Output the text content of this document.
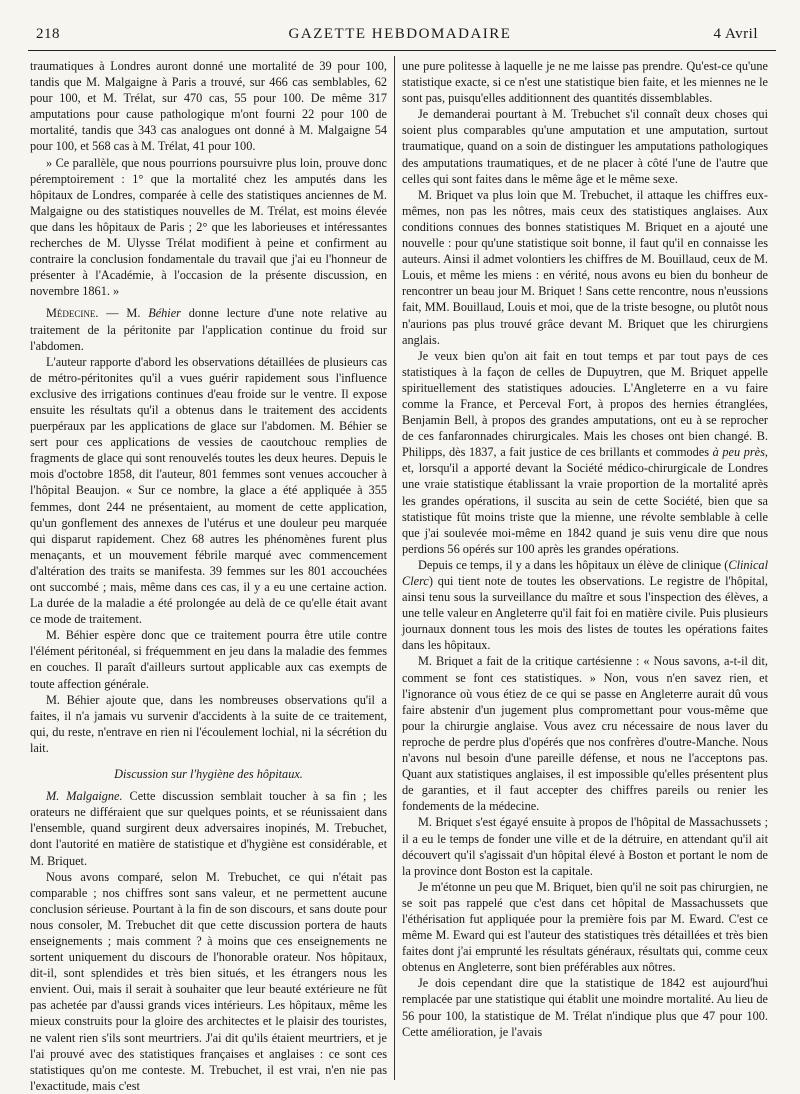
218	GAZETTE HEBDOMADAIRE	4 Avril

traumatiques à Londres auront donné une mortalité de 39 pour 100, tandis que M. Malgaigne à Paris a trouvé, sur 466 cas semblables, 62 pour 100, et M. Trélat, sur 470 cas, 55 pour 100. De même 317 amputations pour cause pathologique m'ont fourni 22 pour 100 de mortalité, tandis que 343 cas analogues ont donné à M. Malgaigne 54 pour 100, et 568 cas à M. Trélat, 41 pour 100.

» Ce parallèle, que nous pourrions poursuivre plus loin, prouve donc péremptoirement : 1° que la mortalité chez les amputés dans les hôpitaux de Londres, comparée à celle des statistiques anciennes de M. Malgaigne ou des statistiques nouvelles de M. Trélat, est moins élevée que dans les hôpitaux de Paris ; 2° que les laborieuses et intéressantes recherches de M. Ulysse Trélat modifient à peine et confirment au contraire la conclusion fondamentale du travail que j'ai eu l'honneur de présenter à l'Académie, à l'occasion de la présente discussion, en novembre 1861. »

Médecine. — M. Béhier donne lecture d'une note relative au traitement de la péritonite par l'application continue du froid sur l'abdomen.

L'auteur rapporte d'abord les observations détaillées de plusieurs cas de métro-péritonites qu'il a vues guérir rapidement sous l'influence exclusive des irrigations continues d'eau froide sur le ventre. Il expose ensuite les résultats qu'il a obtenus dans le traitement des accidents puerpéraux par les applications de glace sur l'abdomen. M. Béhier se sert pour ces applications de vessies de caoutchouc remplies de fragments de glace qui sont renouvelés toutes les deux heures. Depuis le mois d'octobre 1858, dit l'auteur, 801 femmes sont venues accoucher à l'hôpital Beaujon. « Sur ce nombre, la glace a été appliquée à 355 femmes, dont 244 ne présentaient, au moment de cette application, qu'un gonflement des annexes de l'utérus et une douleur peu marquée qui disparut rapidement. Chez 68 autres les phénomènes furent plus menaçants, et un mouvement fébrile marqué avec commencement d'altération des traits se manifesta. 39 femmes sur les 801 accouchées ont succombé ; mais, même dans ces cas, il y a eu une certaine action. La durée de la maladie a été prolongée au delà de ce qu'elle était avant ce mode de traitement.

M. Béhier espère donc que ce traitement pourra être utile contre l'élément péritonéal, si fréquemment en jeu dans la maladie des femmes en couches. Il paraît d'ailleurs surtout applicable aux cas exempts de toute affection générale.

M. Béhier ajoute que, dans les nombreuses observations qu'il a faites, il n'a jamais vu survenir d'accidents à la suite de ce traitement, qui, du reste, n'entrave en rien ni l'écoulement lochial, ni la sécrétion du lait.

Discussion sur l'hygiène des hôpitaux.

M. Malgaigne. Cette discussion semblait toucher à sa fin ; les orateurs ne différaient que sur quelques points, et se réunissaient dans l'ensemble, quand surgirent deux adversaires inopinés, M. Trebuchet, dont l'autorité en matière de statistique et d'hygiène est considérable, et M. Briquet.

Nous avons comparé, selon M. Trebuchet, ce qui n'était pas comparable ; nos chiffres sont sans valeur, et ne permettent aucune conclusion sérieuse. Pourtant à la fin de son discours, et sans doute pour nous consoler, M. Trebuchet dit que cette discussion portera de hauts enseignements ; mais comment ? à moins que ces enseignements ne sortent uniquement du discours de l'honorable orateur. Nos hôpitaux, dit-il, sont splendides et très bien situés, et les étrangers nous les envient. Oui, mais il serait à souhaiter que leur beauté extérieure ne fût pas achetée par d'aussi grands vices intérieurs. Les hôpitaux, même les mieux construits pour la gloire des architectes et le plaisir des touristes, ne valent rien s'ils sont meurtriers. J'ai dit qu'ils étaient meurtriers, et je l'ai prouvé avec des statistiques françaises et anglaises : ce sont ces statistiques qu'on me conteste. M. Trebuchet, il est vrai, n'en nie pas l'exactitude, mais c'est

une pure politesse à laquelle je ne me laisse pas prendre. Qu'est-ce qu'une statistique exacte, si ce n'est une statistique bien faite, et les miennes ne le sont pas, puisqu'elles additionnent des quantités dissemblables.

Je demanderai pourtant à M. Trebuchet s'il connaît deux choses qui soient plus comparables qu'une amputation et une amputation, surtout traumatique, quand on a soin de distinguer les amputations pathologiques des amputations traumatiques, et de ne placer à côté l'une de l'autre que celles qui sont faites dans le même âge et le même sexe.

M. Briquet va plus loin que M. Trebuchet, il attaque les chiffres eux-mêmes, non pas les nôtres, mais ceux des statistiques anglaises. Aux conditions connues des bonnes statistiques M. Briquet en a ajouté une nouvelle : pour qu'une statistique soit bonne, il faut qu'il en connaisse les auteurs. Ainsi il admet volontiers les chiffres de M. Bouillaud, ceux de M. Louis, et même les miens : en vérité, nous avons eu bien du bonheur de rencontrer un beau jour M. Briquet ! Sans cette rencontre, nous n'eussions fait, MM. Bouillaud, Louis et moi, que de la triste besogne, ou plutôt nous n'aurions pas plus trouvé grâce devant M. Briquet que les chirurgiens anglais.

Je veux bien qu'on ait fait en tout temps et par tout pays de ces statistiques à la façon de celles de Dupuytren, que M. Briquet appelle spirituellement des statistiques adoucies. L'Angleterre en a vu faire comme la France, et Perceval Fort, à propos des hernies étranglées, Benjamin Bell, à propos des grandes amputations, ont eu à se reprocher de ces fanfaronnades chirurgicales. Mais les choses ont bien changé. B. Philipps, dès 1837, a fait justice de ces brillants et commodes à peu près, et, lorsqu'il a apporté devant la Société médico-chirurgicale de Londres une vraie statistique établissant la vraie proportion de la mortalité après les grandes opérations, il suscita au sein de cette Société, bien que sa statistique fût moins triste que la mienne, une révolte semblable à celle que j'ai soulevée moi-même en 1842 quand je suis venu dire que nous perdions 56 opérés sur 100 après les grandes opérations.

Depuis ce temps, il y a dans les hôpitaux un élève de clinique (Clinical Clerc) qui tient note de toutes les observations. Le registre de l'hôpital, ainsi tenu sous la surveillance du maître et sous l'inspection des élèves, a une telle valeur en Angleterre qu'il fait foi en matière civile. Puis plusieurs journaux donnent tous les mois des listes de toutes les opérations faites dans les hôpitaux.

M. Briquet a fait de la critique cartésienne : « Nous savons, a-t-il dit, comment se font ces statistiques. » Non, vous n'en savez rien, et l'ignorance où vous étiez de ce qui se passe en Angleterre aurait dû vous faire abstenir d'un jugement plus compromettant pour vous-même que pour la chirurgie anglaise. Vous avez cru nécessaire de nous laver du reproche de perdre plus d'opérés que nos confrères d'outre-Manche. Nous n'avons nul besoin d'une pareille défense, et nous ne l'acceptons pas. Quant aux statistiques anglaises, il est impossible qu'elles présentent plus de garanties, et il faut accepter des chiffres pareils ou renier les fondements de la médecine.

M. Briquet s'est égayé ensuite à propos de l'hôpital de Massachussets ; il a eu le temps de fonder une ville et de la détruire, en attendant qu'il ait découvert qu'il s'agissait d'un hôpital élevé à Boston et portant le nom de la province dont Boston est la capitale.

Je m'étonne un peu que M. Briquet, bien qu'il ne soit pas chirurgien, ne se soit pas rappelé que c'est dans cet hôpital de Massachussets que l'éthérisation fut appliquée pour la première fois par M. Eward. C'est ce même M. Eward qui est l'auteur des statistiques très détaillées et très bien faites dont j'ai emprunté les résultats généraux, résultats qui, comme ceux obtenus en Angleterre, sont bien préférables aux nôtres.

Je dois cependant dire que la statistique de 1842 est aujourd'hui remplacée par une statistique qui établit une moindre mortalité. Au lieu de 56 pour 100, la statistique de M. Trélat n'indique plus que 47 pour 100. Cette amélioration, je l'avais
